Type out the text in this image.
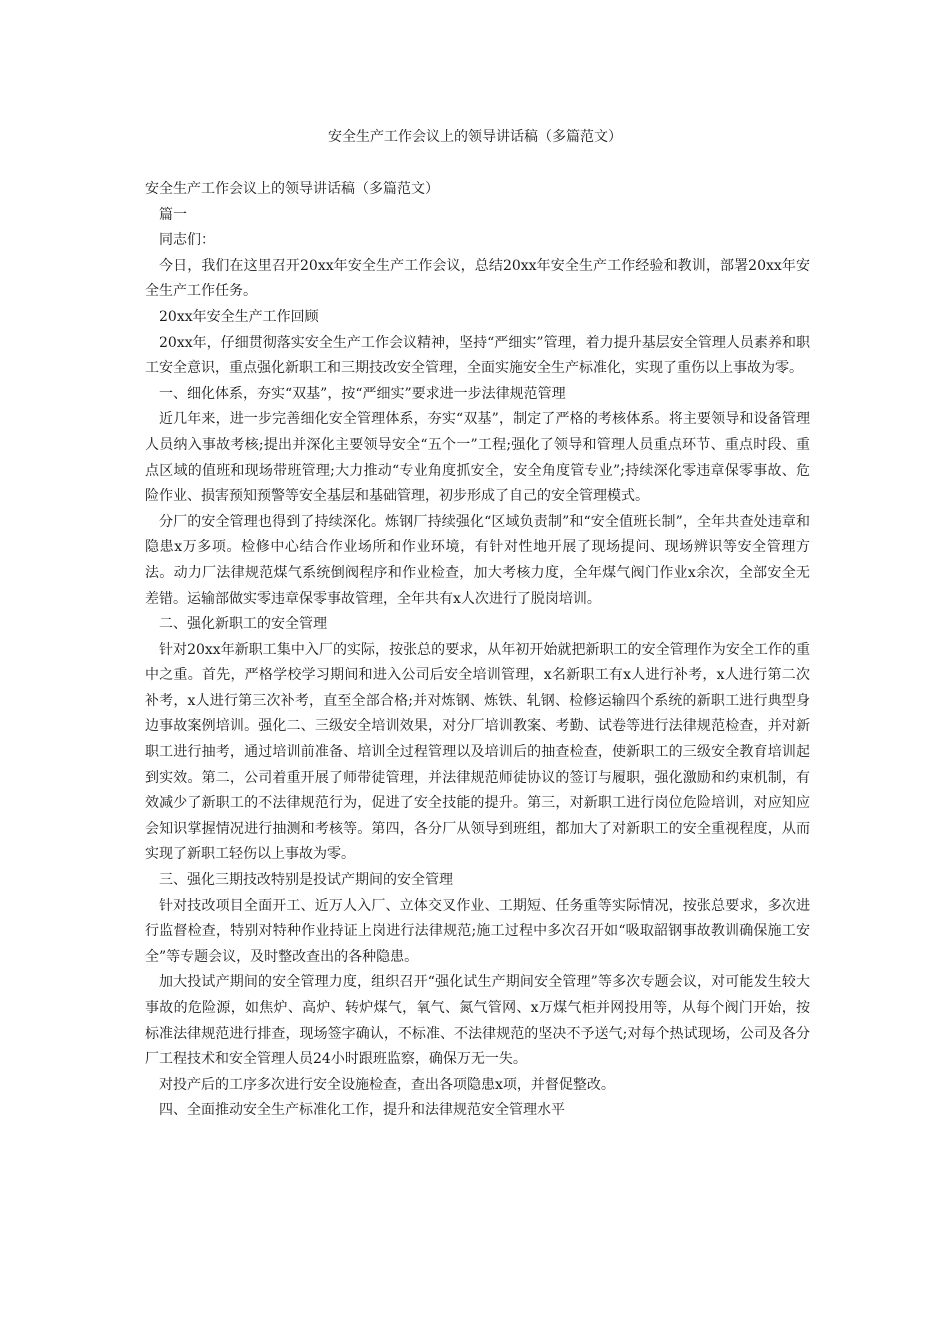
安全生产工作会议上的领导讲话稿（多篇范文）

安全生产工作会议上的领导讲话稿（多篇范文）

篇一

同志们：

今日，我们在这里召开20xx年安全生产工作会议，总结20xx年安全生产工作经验和教训，部署20xx年安全生产工作任务。

20xx年安全生产工作回顾

20xx年，仔细贯彻落实安全生产工作会议精神，坚持“严细实”管理，着力提升基层安全管理人员素养和职工安全意识，重点强化新职工和三期技改安全管理，全面实施安全生产标准化，实现了重伤以上事故为零。

一、细化体系，夯实“双基”，按“严细实”要求进一步法律规范管理

近几年来，进一步完善细化安全管理体系，夯实“双基”，制定了严格的考核体系。将主要领导和设备管理人员纳入事故考核;提出并深化主要领导安全“五个一”工程;强化了领导和管理人员重点环节、重点时段、重点区域的值班和现场带班管理;大力推动“专业角度抓安全，安全角度管专业”;持续深化零违章保零事故、危险作业、损害预知预警等安全基层和基础管理，初步形成了自己的安全管理模式。

分厂的安全管理也得到了持续深化。炼钢厂持续强化“区域负责制”和“安全值班长制”，全年共查处违章和隐患x万多项。检修中心结合作业场所和作业环境，有针对性地开展了现场提问、现场辨识等安全管理方法。动力厂法律规范煤气系统倒阀程序和作业检查，加大考核力度，全年煤气阀门作业x余次，全部安全无差错。运输部做实零违章保零事故管理，全年共有x人次进行了脱岗培训。

二、强化新职工的安全管理

针对20xx年新职工集中入厂的实际，按张总的要求，从年初开始就把新职工的安全管理作为安全工作的重中之重。首先，严格学校学习期间和进入公司后安全培训管理，x名新职工有x人进行补考，x人进行第二次补考，x人进行第三次补考，直至全部合格;并对炼钢、炼铁、轧钢、检修运输四个系统的新职工进行典型身边事故案例培训。强化二、三级安全培训效果，对分厂培训教案、考勤、试卷等进行法律规范检查，并对新职工进行抽考，通过培训前准备、培训全过程管理以及培训后的抽查检查，使新职工的三级安全教育培训起到实效。第二，公司着重开展了师带徒管理，并法律规范师徒协议的签订与履职，强化激励和约束机制，有效减少了新职工的不法律规范行为，促进了安全技能的提升。第三，对新职工进行岗位危险培训，对应知应会知识掌握情况进行抽测和考核等。第四，各分厂从领导到班组，都加大了对新职工的安全重视程度，从而实现了新职工轻伤以上事故为零。

三、强化三期技改特别是投试产期间的安全管理

针对技改项目全面开工、近万人入厂、立体交叉作业、工期短、任务重等实际情况，按张总要求，多次进行监督检查，特别对特种作业持证上岗进行法律规范;施工过程中多次召开如“吸取韶钢事故教训确保施工安全”等专题会议，及时整改查出的各种隐患。

加大投试产期间的安全管理力度，组织召开“强化试生产期间安全管理”等多次专题会议，对可能发生较大事故的危险源，如焦炉、高炉、转炉煤气，氧气、氮气管网、x万煤气柜并网投用等，从每个阀门开始，按标准法律规范进行排查，现场签字确认，不标准、不法律规范的坚决不予送气;对每个热试现场，公司及各分厂工程技术和安全管理人员24小时跟班监察，确保万无一失。

对投产后的工序多次进行安全设施检查，查出各项隐患x项，并督促整改。

四、全面推动安全生产标准化工作，提升和法律规范安全管理水平
